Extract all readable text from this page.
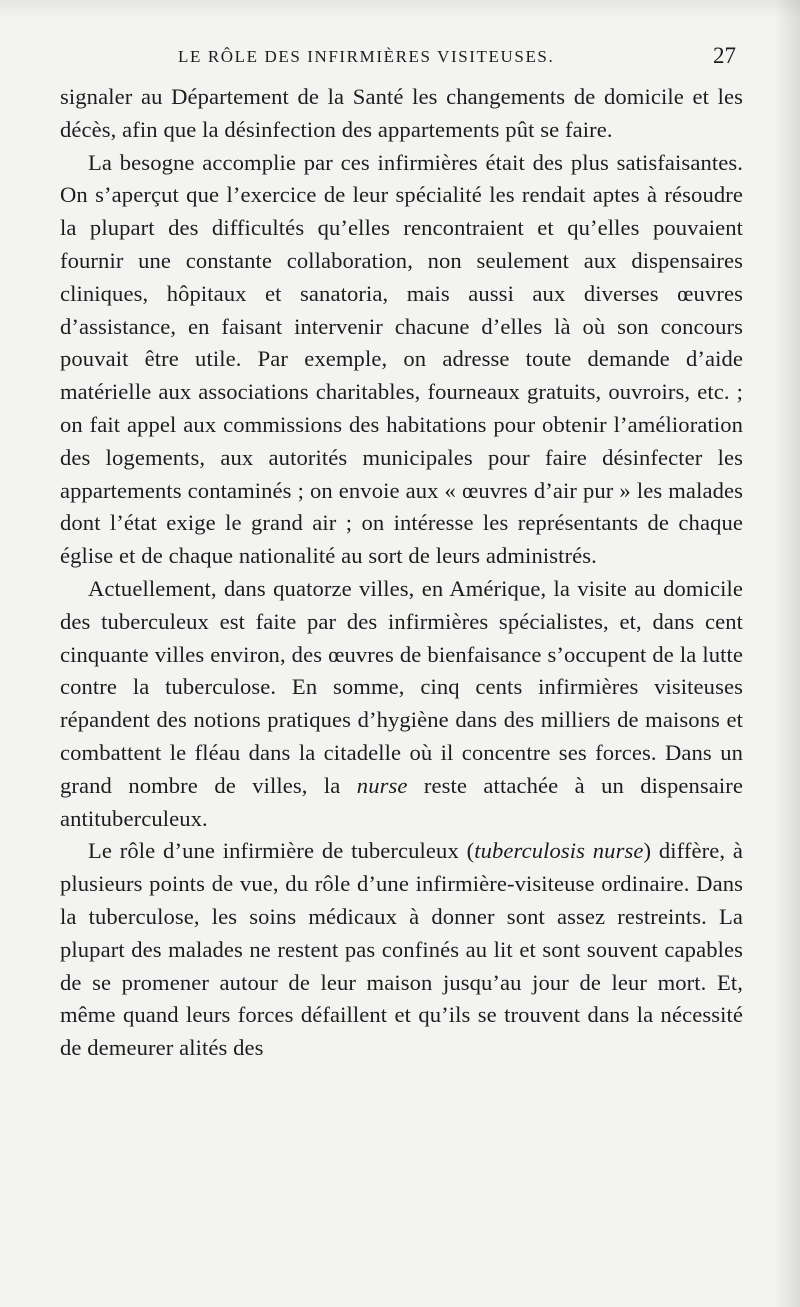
LE RÔLE DES INFIRMIÈRES VISITEUSES.	27

signaler au Département de la Santé les changements de domicile et les décès, afin que la désinfection des appartements pût se faire.

La besogne accomplie par ces infirmières était des plus satisfaisantes. On s’aperçut que l’exercice de leur spécialité les rendait aptes à résoudre la plupart des difficultés qu’elles rencontraient et qu’elles pouvaient fournir une constante collaboration, non seulement aux dispensaires cliniques, hôpitaux et sanatoria, mais aussi aux diverses œuvres d’assistance, en faisant intervenir chacune d’elles là où son concours pouvait être utile. Par exemple, on adresse toute demande d’aide matérielle aux associations charitables, fourneaux gratuits, ouvroirs, etc. ; on fait appel aux commissions des habitations pour obtenir l’amélioration des logements, aux autorités municipales pour faire désinfecter les appartements contaminés ; on envoie aux « œuvres d’air pur » les malades dont l’état exige le grand air ; on intéresse les représentants de chaque église et de chaque nationalité au sort de leurs administrés.

Actuellement, dans quatorze villes, en Amérique, la visite au domicile des tuberculeux est faite par des infirmières spécialistes, et, dans cent cinquante villes environ, des œuvres de bienfaisance s’occupent de la lutte contre la tuberculose. En somme, cinq cents infirmières visiteuses répandent des notions pratiques d’hygiène dans des milliers de maisons et combattent le fléau dans la citadelle où il concentre ses forces. Dans un grand nombre de villes, la nurse reste attachée à un dispensaire antituberculeux.

Le rôle d’une infirmière de tuberculeux (tuberculosis nurse) diffère, à plusieurs points de vue, du rôle d’une infirmière-visiteuse ordinaire. Dans la tuberculose, les soins médicaux à donner sont assez restreints. La plupart des malades ne restent pas confinés au lit et sont souvent capables de se promener autour de leur maison jusqu’au jour de leur mort. Et, même quand leurs forces défaillent et qu’ils se trouvent dans la nécessité de demeurer alités des
